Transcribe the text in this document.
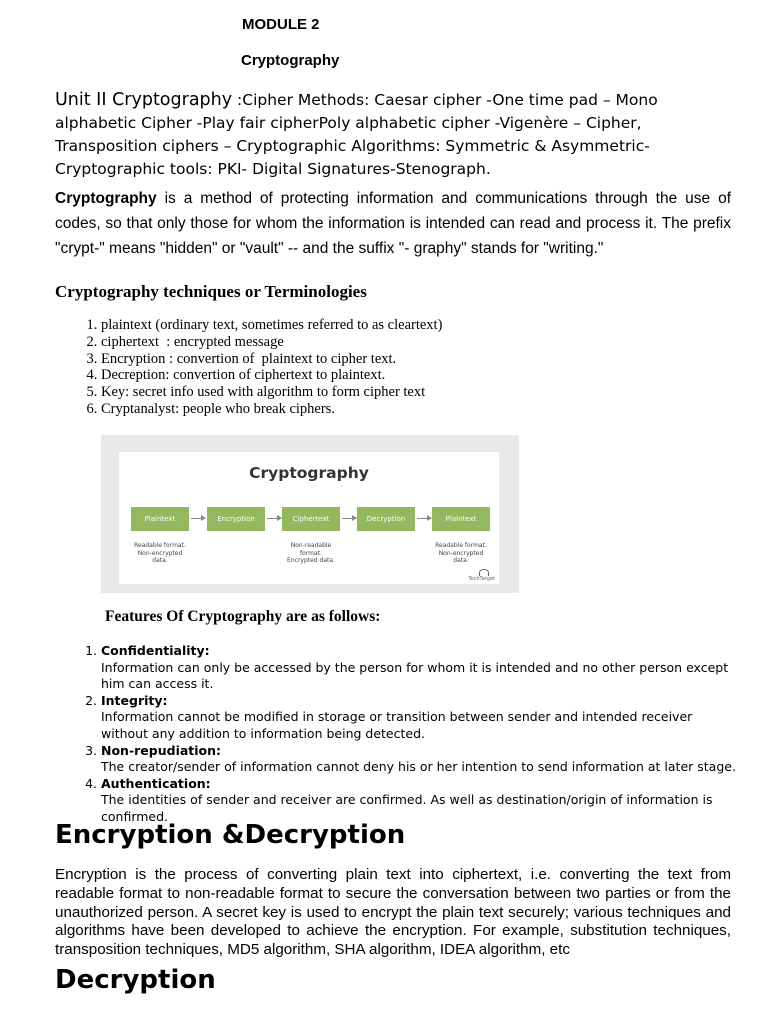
MODULE 2
Cryptography
Unit II Cryptography :Cipher Methods: Caesar cipher -One time pad – Mono alphabetic Cipher -Play fair cipherPoly alphabetic cipher -Vigenère – Cipher, Transposition ciphers – Cryptographic Algorithms: Symmetric & Asymmetric- Cryptographic tools: PKI- Digital Signatures-Stenograph.
Cryptography is a method of protecting information and communications through the use of codes, so that only those for whom the information is intended can read and process it. The prefix "crypt-" means "hidden" or "vault" -- and the suffix "- graphy" stands for "writing."
Cryptography techniques or Terminologies
1. plaintext (ordinary text, sometimes referred to as cleartext)
2. ciphertext  : encrypted message
3. Encryption : convertion of  plaintext to cipher text.
4. Decreption: convertion of ciphertext to plaintext.
5. Key: secret info used with algorithm to form cipher text
6. Cryptanalyst: people who break ciphers.
Cryptography
Plaintext	Encryption	Ciphertext	Decryption	Plaintext
Readable format.
Non-encrypted
data.
Non-readable
format.
Encrypted data.
Readable format.
Non-encrypted
data.
TechTarget
Features Of Cryptography are as follows:
1. Confidentiality:
Information can only be accessed by the person for whom it is intended and no other person except him can access it.
2. Integrity:
Information cannot be modified in storage or transition between sender and intended receiver without any addition to information being detected.
3. Non-repudiation:
The creator/sender of information cannot deny his or her intention to send information at later stage.
4. Authentication:
The identities of sender and receiver are confirmed. As well as destination/origin of information is confirmed.
Encryption &Decryption
Encryption is the process of converting plain text into ciphertext, i.e. converting the text from readable format to non-readable format to secure the conversation between two parties or from the unauthorized person. A secret key is used to encrypt the plain text securely; various techniques and algorithms have been developed to achieve the encryption. For example, substitution techniques, transposition techniques, MD5 algorithm, SHA algorithm, IDEA algorithm, etc
Decryption
